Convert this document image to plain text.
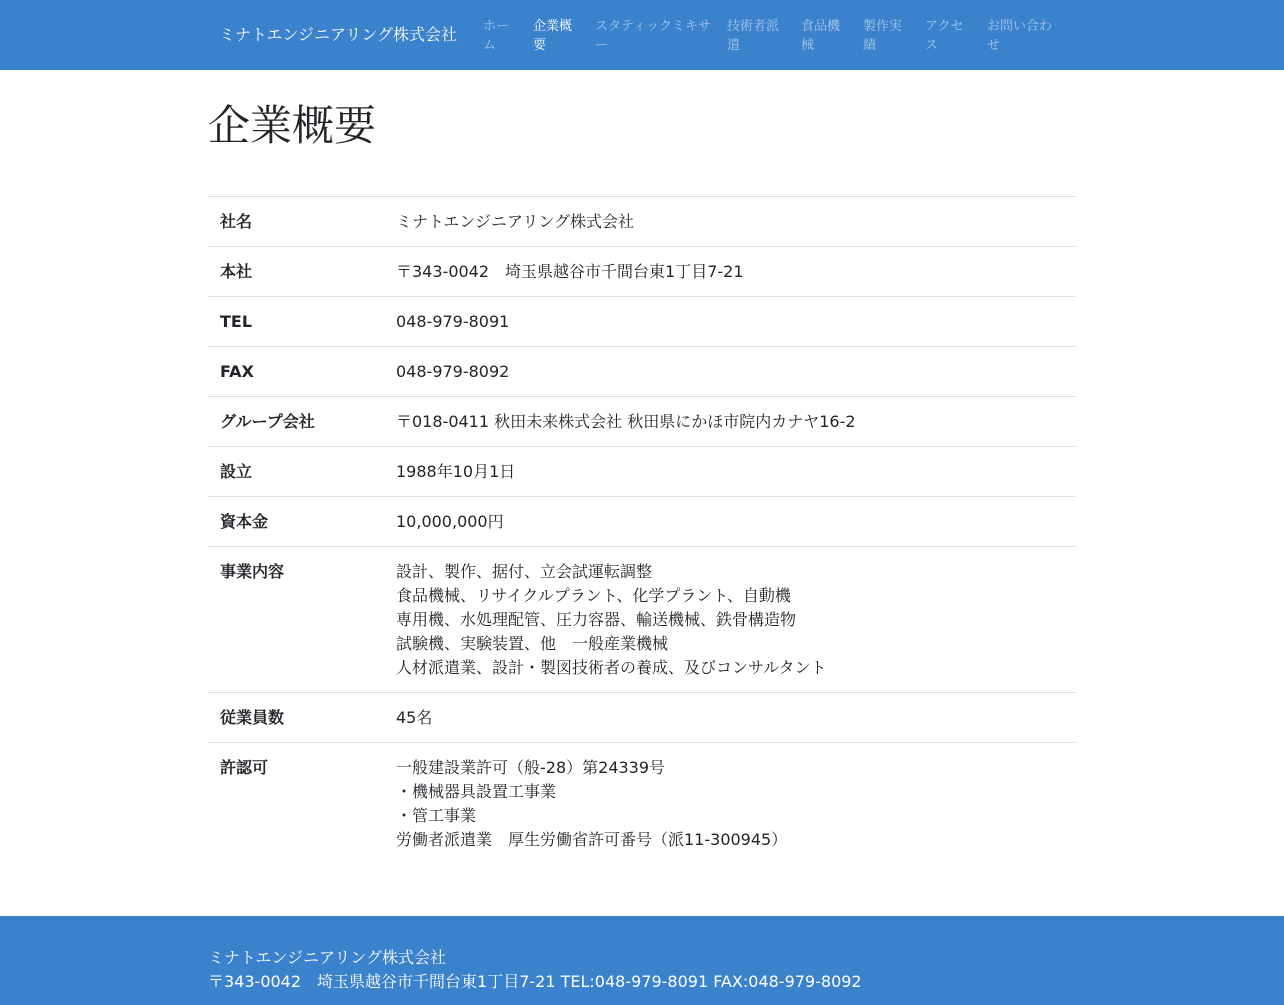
ミナトエンジニアリング株式会社 ホー
ム
企業概
要
スタティックミキサ
ー
技術者派
遣
食品機
械
製作実
績
アクセ
ス
お問い合わ
せ
企業概要
社名	ミナトエンジニアリング株式会社

本社	〒343-0042　埼玉県越谷市千間台東1丁目7-21

TEL	048-979-8091

FAX	048-979-8092

グループ会社	〒018-0411 秋田未来株式会社 秋田県にかほ市院内カナヤ16-2

設立	1988年10月1日

資本金	10,000,000円

事業内容	設計、製作、据付、立会試運転調整
食品機械、リサイクルプラント、化学プラント、自動機
専用機、水処理配管、圧力容器、輸送機械、鉄骨構造物
試験機、実験装置、他　一般産業機械
人材派遣業、設計・製図技術者の養成、及びコンサルタント

従業員数	45名

許認可	一般建設業許可（般-28）第24339号
・機械器具設置工事業
・管工事業
労働者派遣業　厚生労働省許可番号（派11-300945）
ミナトエンジニアリング株式会社
〒343-0042　埼玉県越谷市千間台東1丁目7-21 TEL:048-979-8091 FAX:048-979-8092
